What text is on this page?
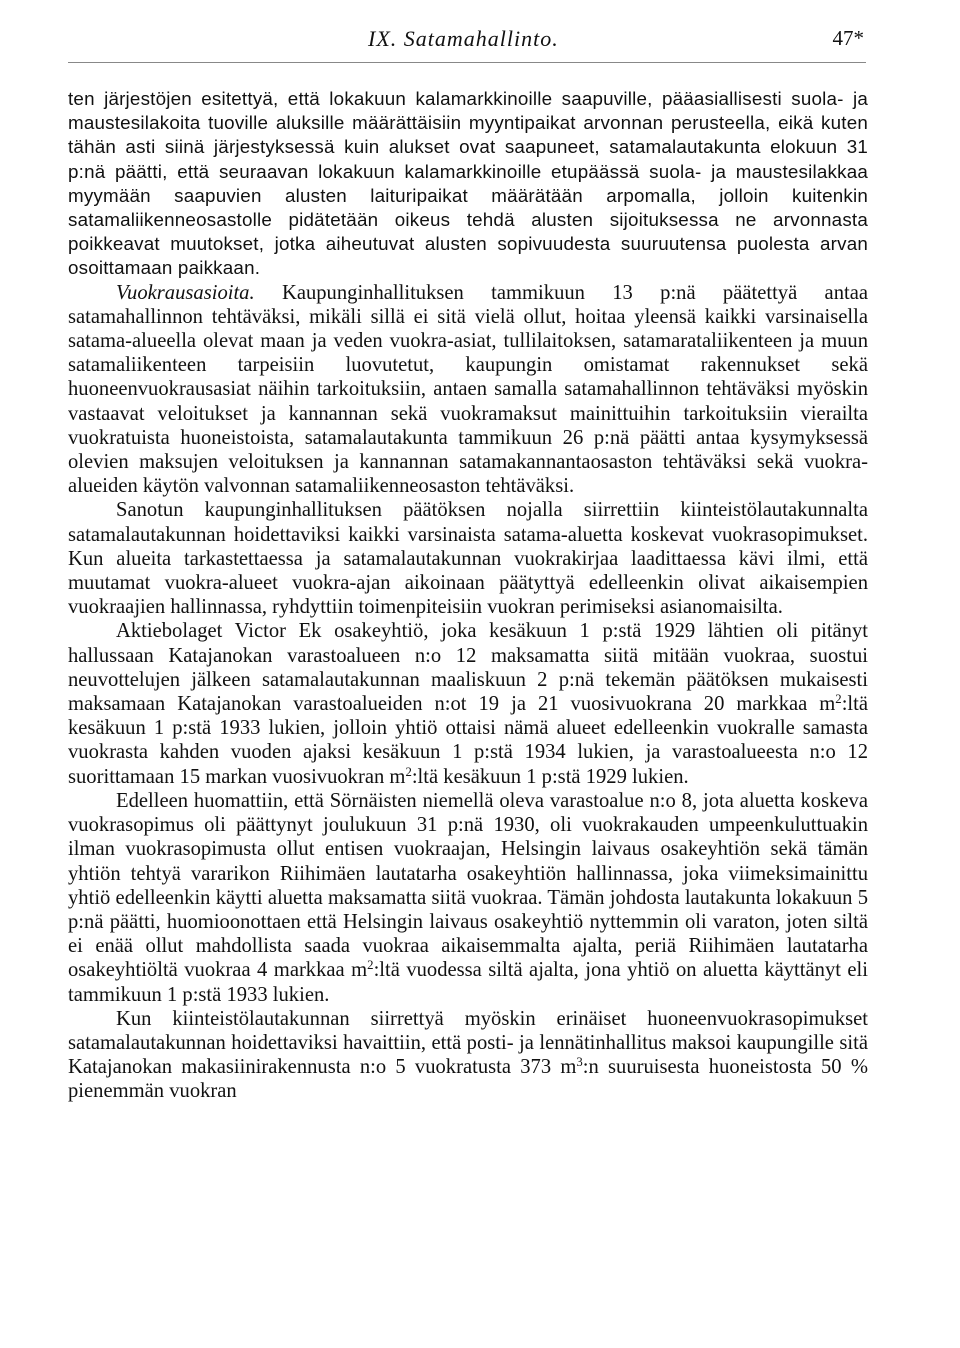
IX. Satamahallinto.	47*

ten järjestöjen esitettyä, että lokakuun kalamarkkinoille saapuville, pääasiallisesti suola- ja maustesilakoita tuoville aluksille määrättäisiin myyntipaikat arvonnan perusteella, eikä kuten tähän asti siinä järjestyksessä kuin alukset ovat saapuneet, satamalautakunta elokuun 31 p:nä päätti, että seuraavan lokakuun kalamarkkinoille etupäässä suola- ja maustesilakkaa myymään saapuvien alusten laituripaikat määrätään arpomalla, jolloin kuitenkin satamaliikenneosastolle pidätetään oikeus tehdä alusten sijoituksessa ne arvonnasta poikkeavat muutokset, jotka aiheutuvat alusten sopivuudesta suuruutensa puolesta arvan osoittamaan paikkaan.

Vuokrausasioita. Kaupunginhallituksen tammikuun 13 p:nä päätettyä antaa satamahallinnon tehtäväksi, mikäli sillä ei sitä vielä ollut, hoitaa yleensä kaikki varsinaisella satama-alueella olevat maan ja veden vuokra-asiat, tullilaitoksen, satamarataliikenteen ja muun satamaliikenteen tarpeisiin luovutetut, kaupungin omistamat rakennukset sekä huoneenvuokrausasiat näihin tarkoituksiin, antaen samalla satamahallinnon tehtäväksi myöskin vastaavat veloitukset ja kannannan sekä vuokramaksut mainittuihin tarkoituksiin vierailta vuokratuista huoneistoista, satamalautakunta tammikuun 26 p:nä päätti antaa kysymyksessä olevien maksujen veloituksen ja kannannan satamakannantaosaston tehtäväksi sekä vuokra-alueiden käytön valvonnan satamaliikenneosaston tehtäväksi.

Sanotun kaupunginhallituksen päätöksen nojalla siirrettiin kiinteistölautakunnalta satamalautakunnan hoidettaviksi kaikki varsinaista satama-aluetta koskevat vuokrasopimukset. Kun alueita tarkastettaessa ja satamalautakunnan vuokrakirjaa laadittaessa kävi ilmi, että muutamat vuokra-alueet vuokra-ajan aikoinaan päätyttyä edelleenkin olivat aikaisempien vuokraajien hallinnassa, ryhdyttiin toimenpiteisiin vuokran perimiseksi asianomaisilta.

Aktiebolaget Victor Ek osakeyhtiö, joka kesäkuun 1 p:stä 1929 lähtien oli pitänyt hallussaan Katajanokan varastoalueen n:o 12 maksamatta siitä mitään vuokraa, suostui neuvottelujen jälkeen satamalautakunnan maaliskuun 2 p:nä tekemän päätöksen mukaisesti maksamaan Katajanokan varastoalueiden n:ot 19 ja 21 vuosivuokrana 20 markkaa $m^2:ltä$ kesäkuun 1 p:stä 1933 lukien, jolloin yhtiö ottaisi nämä alueet edelleenkin vuokralle samasta vuokrasta kahden vuoden ajaksi kesäkuun 1 p:stä 1934 lukien, ja varastoalueesta n:o 12 suorittamaan 15 markan vuosivuokran $m^2:ltä$ kesäkuun 1 p:stä 1929 lukien.

Edelleen huomattiin, että Sörnäisten niemellä oleva varastoalue n:o 8, jota aluetta koskeva vuokrasopimus oli päättynyt joulukuun 31 p:nä 1930, oli vuokrakauden umpeenkuluttuakin ilman vuokrasopimusta ollut entisen vuokraajan, Helsingin laivaus osakeyhtiön sekä tämän yhtiön tehtyä vararikon Riihimäen lautatarha osakeyhtiön hallinnassa, joka viimeksimainittu yhtiö edelleenkin käytti aluetta maksamatta siitä vuokraa. Tämän johdosta lautakunta lokakuun 5 p:nä päätti, huomioonottaen että Helsingin laivaus osakeyhtiö nyttemmin oli varaton, joten siltä ei enää ollut mahdollista saada vuokraa aikaisemmalta ajalta, periä Riihimäen lautatarha osakeyhtiöltä vuokraa 4 markkaa $m^2:ltä$ vuodessa siltä ajalta, jona yhtiö on aluetta käyttänyt eli tammikuun 1 p:stä 1933 lukien.

Kun kiinteistölautakunnan siirrettyä myöskin erinäiset huoneenvuokrasopimukset satamalautakunnan hoidettaviksi havaittiin, että posti- ja lennätinhallitus maksoi kaupungille sitä Katajanokan makasiinirakennusta n:o 5 vuokratusta 373 $m^3:n$ suuruisesta huoneistosta 50 % pienemmän vuokran
